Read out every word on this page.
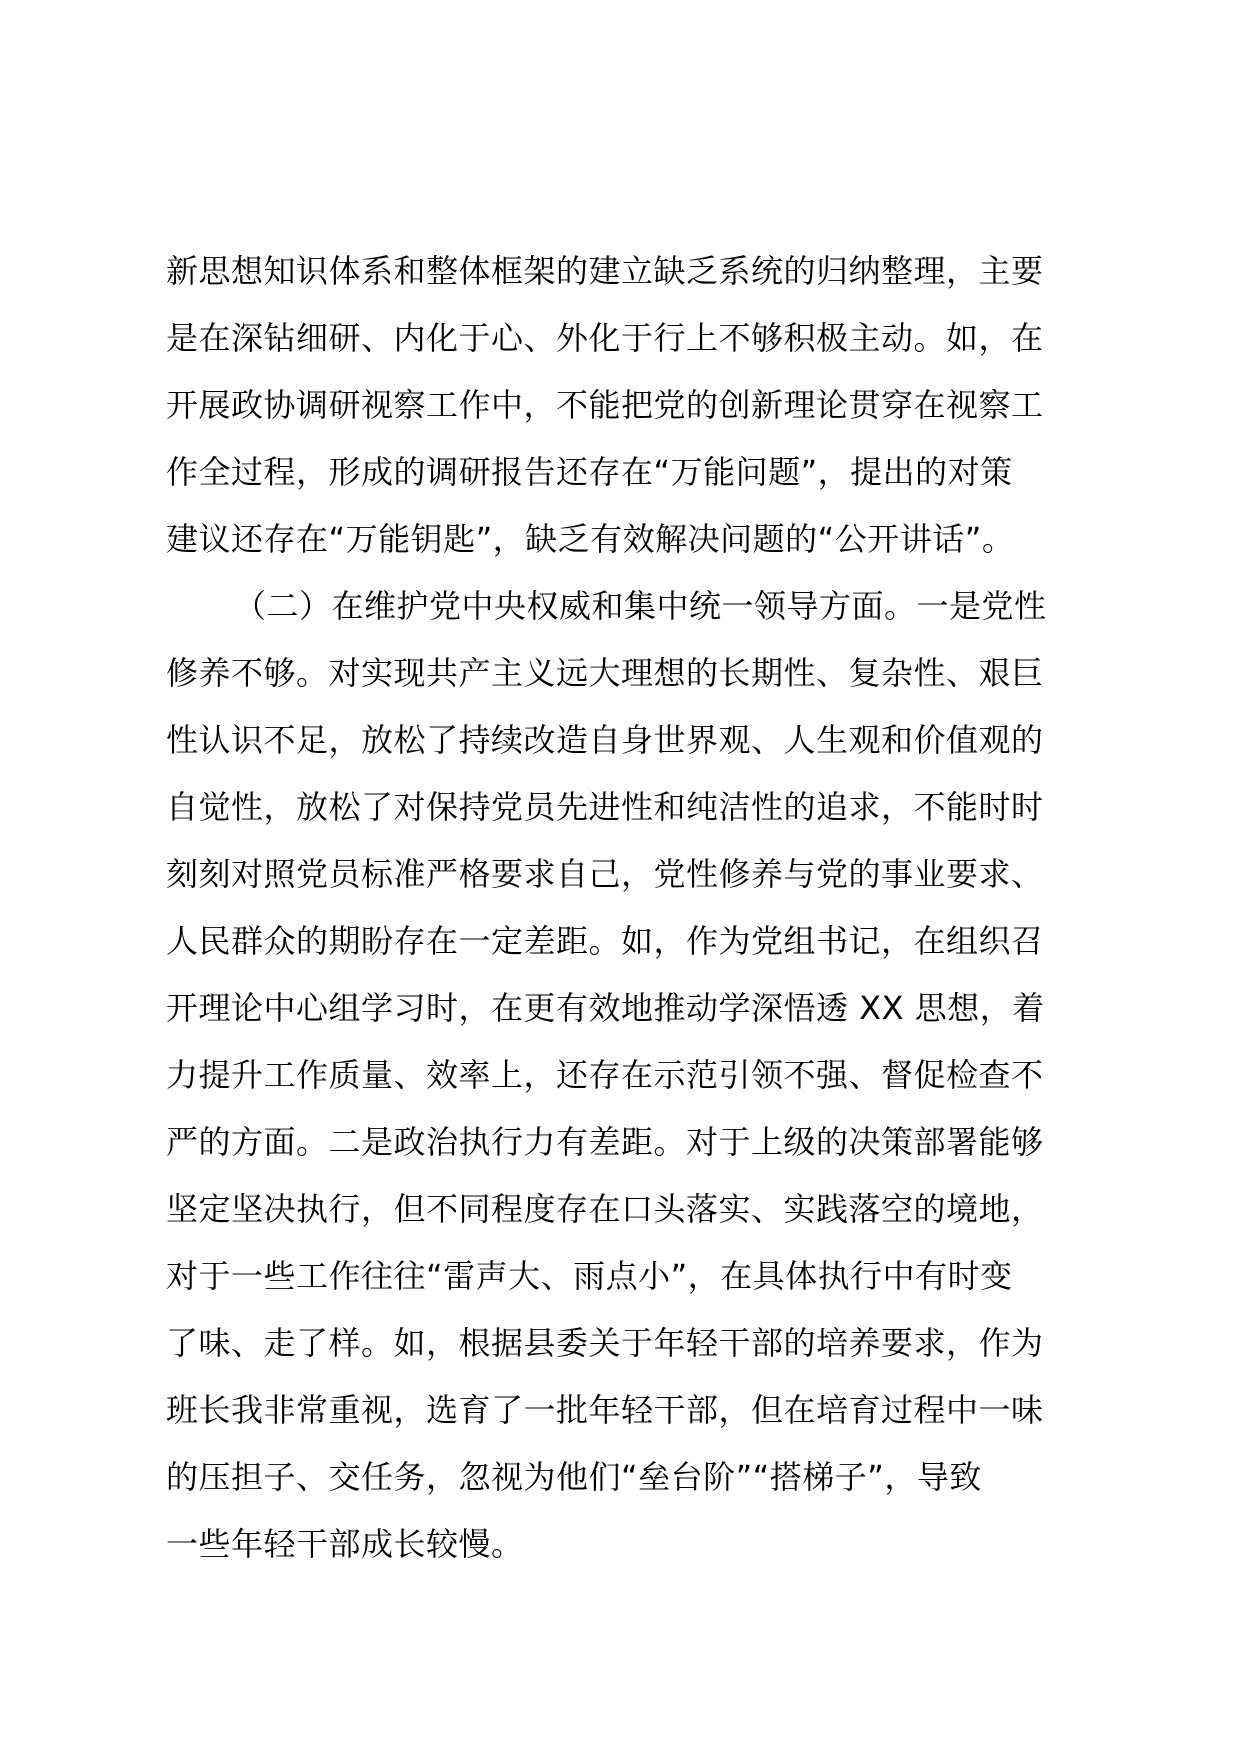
新思想知识体系和整体框架的建立缺乏系统的归纳整理，主要
是在深钻细研、内化于心、外化于行上不够积极主动。如，在
开展政协调研视察工作中，不能把党的创新理论贯穿在视察工
作全过程，形成的调研报告还存在“万能问题”，提出的对策
建议还存在“万能钥匙”，缺乏有效解决问题的“公开讲话”。
（二）在维护党中央权威和集中统一领导方面。一是党性
修养不够。对实现共产主义远大理想的长期性、复杂性、艰巨
性认识不足，放松了持续改造自身世界观、人生观和价值观的
自觉性，放松了对保持党员先进性和纯洁性的追求，不能时时
刻刻对照党员标准严格要求自己，党性修养与党的事业要求、
人民群众的期盼存在一定差距。如，作为党组书记，在组织召
开理论中心组学习时，在更有效地推动学深悟透 XX 思想，着
力提升工作质量、效率上，还存在示范引领不强、督促检查不
严的方面。二是政治执行力有差距。对于上级的决策部署能够
坚定坚决执行，但不同程度存在口头落实、实践落空的境地，
对于一些工作往往“雷声大、雨点小”，在具体执行中有时变
了味、走了样。如，根据县委关于年轻干部的培养要求，作为
班长我非常重视，选育了一批年轻干部，但在培育过程中一味
的压担子、交任务，忽视为他们“垒台阶”“搭梯子”，导致
一些年轻干部成长较慢。
